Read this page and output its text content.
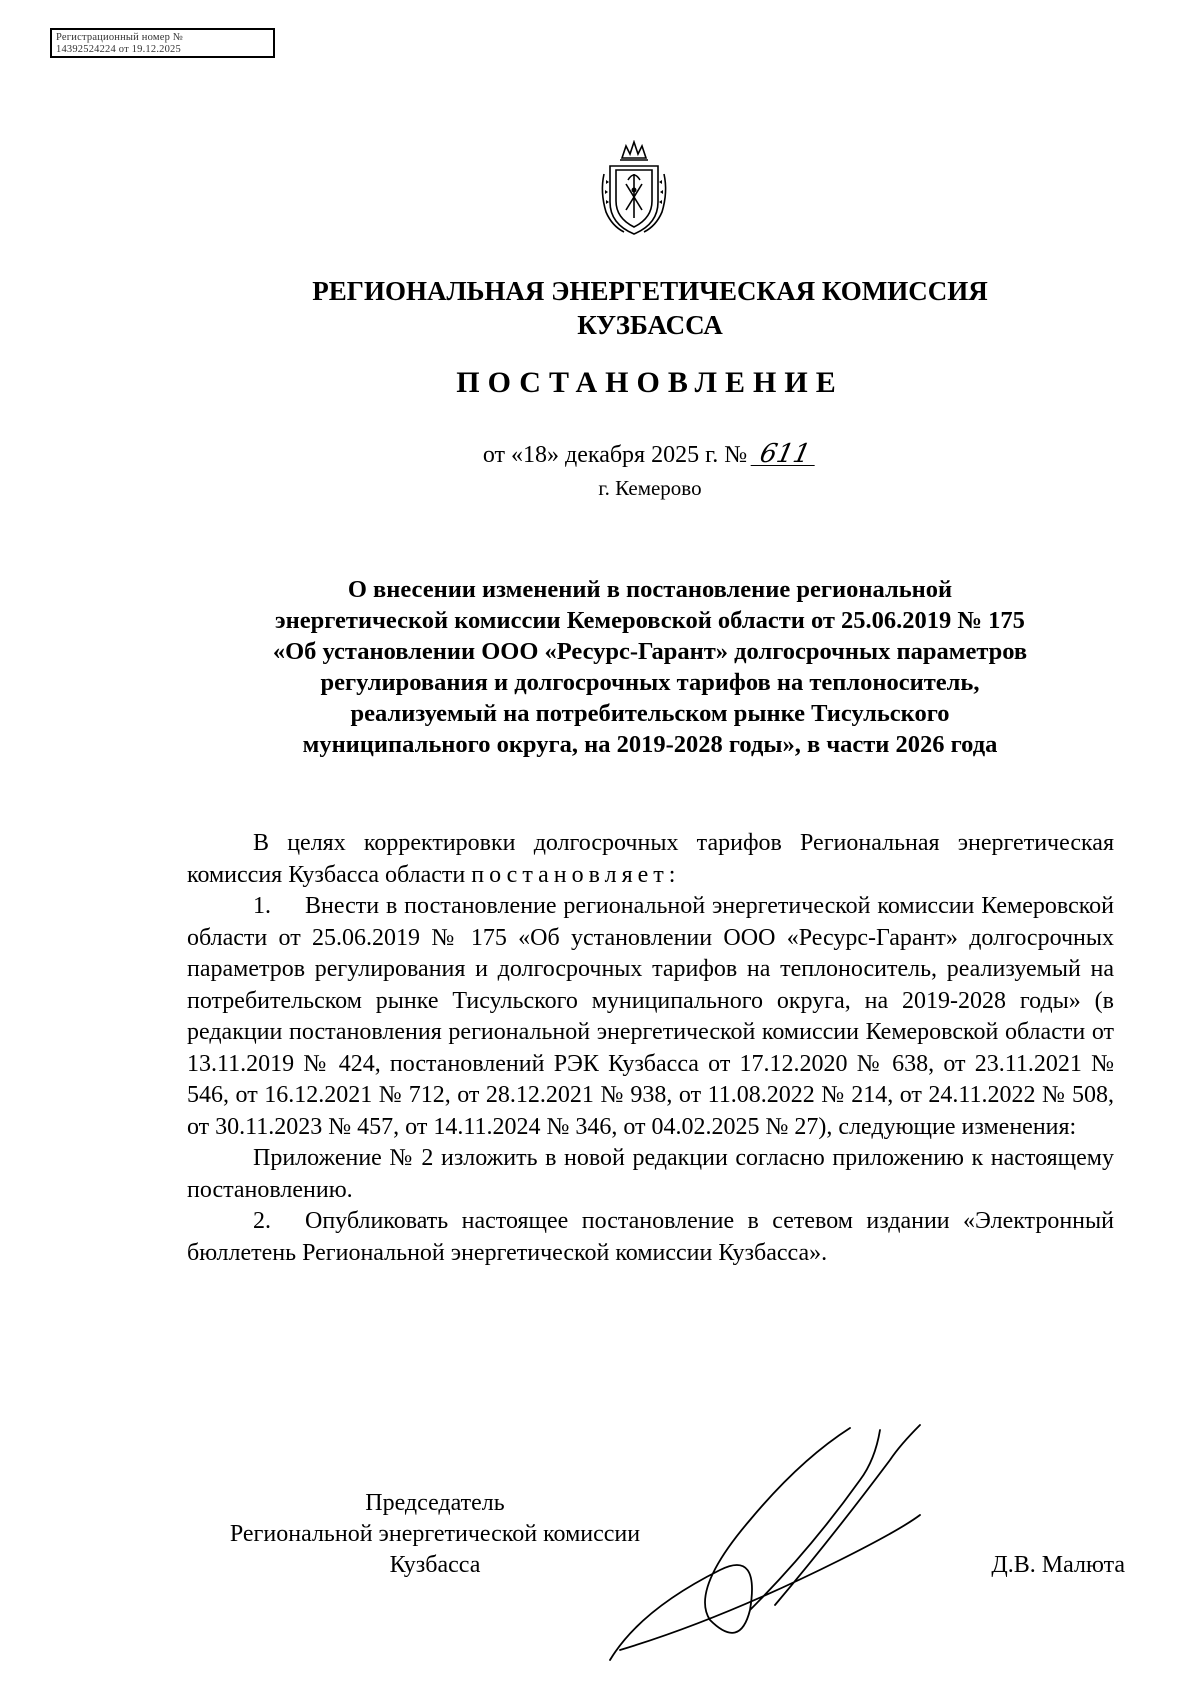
Регистрационный номер №
14392524224 от 19.12.2025
РЕГИОНАЛЬНАЯ ЭНЕРГЕТИЧЕСКАЯ КОМИССИЯ
КУЗБАССА
ПОСТАНОВЛЕНИЕ
от «18» декабря 2025 г. № 611
г. Кемерово
О внесении изменений в постановление региональной
энергетической комиссии Кемеровской области от 25.06.2019 № 175
«Об установлении ООО «Ресурс-Гарант» долгосрочных параметров
регулирования и долгосрочных тарифов на теплоноситель,
реализуемый на потребительском рынке Тисульского
муниципального округа, на 2019-2028 годы», в части 2026 года

В целях корректировки долгосрочных тарифов Региональная энергетическая комиссия Кузбасса области постановляет:

1. Внести в постановление региональной энергетической комиссии Кемеровской области от 25.06.2019 № 175 «Об установлении ООО «Ресурс-Гарант» долгосрочных параметров регулирования и долгосрочных тарифов на теплоноситель, реализуемый на потребительском рынке Тисульского муниципального округа, на 2019-2028 годы» (в редакции постановления региональной энергетической комиссии Кемеровской области от 13.11.2019 № 424, постановлений РЭК Кузбасса от 17.12.2020 № 638, от 23.11.2021 № 546, от 16.12.2021 № 712, от 28.12.2021 № 938, от 11.08.2022 № 214, от 24.11.2022 № 508, от 30.11.2023 № 457, от 14.11.2024 № 346, от 04.02.2025 № 27), следующие изменения:

Приложение № 2 изложить в новой редакции согласно приложению к настоящему постановлению.

2. Опубликовать настоящее постановление в сетевом издании «Электронный бюллетень Региональной энергетической комиссии Кузбасса».

Председатель
Региональной энергетической комиссии
Кузбасса	Д.В. Малюта
